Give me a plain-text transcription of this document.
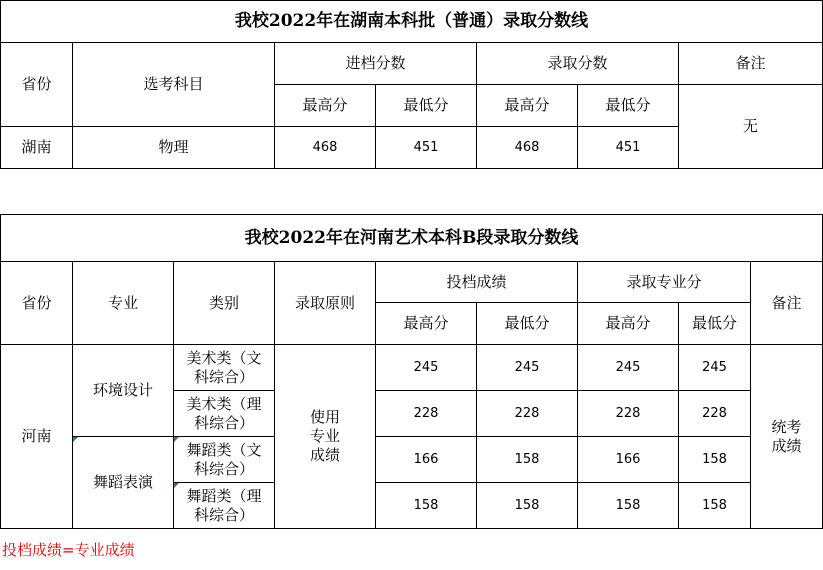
我校2022年在湖南本科批（普通）录取分数线						
省份	选考科目	进档分数		录取分数		备注
		最高分	最低分	最高分	最低分	无
湖南	物理	468	451	468	451	
我校2022年在河南艺术本科B段录取分数线								
省份	专业	类别	录取原则	投档成绩		录取专业分		备注
				最高分	最低分	最高分	最低分	
河南	环境设计	美术类（文科综合）	使用专业成绩	245	245	245	245	统考成绩

		美术类（理科综合）		228	228	228	228	
	舞蹈表演	舞蹈类（文科综合）		166	158	166	158	

		舞蹈类（理科综合）		158	158	158	158	
投档成绩=专业成绩
